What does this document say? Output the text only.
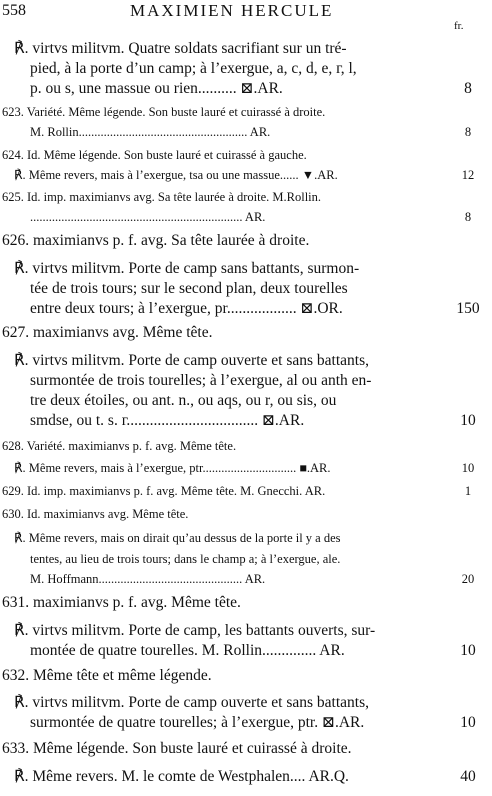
558	MAXIMIEN HERCULE
fr.
℟. virtvs militvm. Quatre soldats sacrifiant sur un tré-
pied, à la porte d’un camp; à l’exergue, a, c, d, e, г, l,
p. ou s, une massue ou rien.......... ⊠.AR.	8
623. Variété. Même légende. Son buste lauré et cuirassé à droite.
M. Rollin...................................................... AR.	8
624. Id. Même légende. Son buste lauré et cuirassé à gauche.
℟. Même revers, mais à l’exergue, tsa ou une massue...... ▼.AR.	12
625. Id. imp. maximianvs avg. Sa tête laurée à droite. M.Rollin.
.................................................................... AR.	8
626. maximianvs p. f. avg. Sa tête laurée à droite.
℟. virtvs militvm. Porte de camp sans battants, surmon-
tée de trois tours; sur le second plan, deux tourelles
entre deux tours; à l’exergue, pr.................. ⊠.OR.	150
627. maximianvs avg. Même tête.
℟. virtvs militvm. Porte de camp ouverte et sans battants,
surmontée de trois tourelles; à l’exergue, al ou anth en-
tre deux étoiles, ou ant. n., ou aqs, ou r, ou sis, ou
smdse, ou t. s. г.................................. ⊠.AR.	10
628. Variété. maximianvs p. f. avg. Même tête.
℟. Même revers, mais à l’exergue, ptr.............................. ■.AR.	10
629. Id. imp. maximianvs p. f. avg. Même tête. M. Gnecchi. AR.	1
630. Id. maximianvs avg. Même tête.
℟. Même revers, mais on dirait qu’au dessus de la porte il y a des
tentes, au lieu de trois tours; dans le champ a; à l’exergue, ale.
M. Hoffmann.............................................. AR.	20
631. maximianvs p. f. avg. Même tête.
℟. virtvs militvm. Porte de camp, les battants ouverts, sur-
montée de quatre tourelles. M. Rollin.............. AR.	10
632. Même tête et même légende.
℟. virtvs militvm. Porte de camp ouverte et sans battants,
surmontée de quatre tourelles; à l’exergue, ptr. ⊠.AR.	10
633. Même légende. Son buste lauré et cuirassé à droite.
℟. Même revers. M. le comte de Westphalen.... AR.Q.	40
